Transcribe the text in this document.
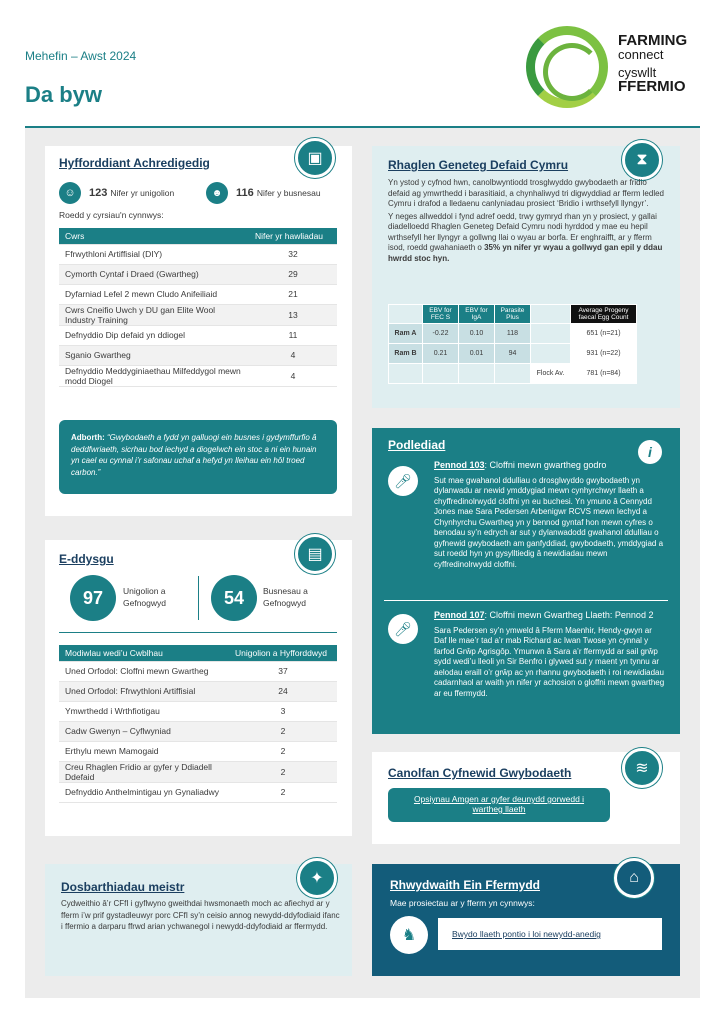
Mehefin – Awst 2024
Da byw
FARMING
connect
cyswllt
FFERMIO
Hyfforddiant Achredigedig	▣
☺	123 Nifer yr unigolion	☻	116 Nifer y busnesau
Roedd y cyrsiau'n cynnwys:
Cwrs	Nifer yr hawliadau
Ffrwythloni Artiffisial (DIY)	32
Cymorth Cyntaf i Draed (Gwartheg)	29
Dyfarniad Lefel 2 mewn Cludo Anifeiliaid	21
Cwrs Cneifio Uwch y DU gan Elite Wool Industry Training	13
Defnyddio Dip defaid yn ddiogel	11
Sganio Gwartheg	4
Defnyddio Meddyginiaethau Milfeddygol mewn modd Diogel	4
Adborth: “Gwybodaeth a fydd yn galluogi ein busnes i gydymffurfio â deddfwriaeth, sicrhau bod iechyd a diogelwch ein stoc a ni ein hunain yn cael eu cynnal i’r safonau uchaf a hefyd yn lleihau ein hôl troed carbon.”
E-ddysgu	▤
97	Unigolion a Gefnogwyd	54	Busnesau a Gefnogwyd
Modiwlau wedi’u Cwblhau	Unigolion a Hyfforddwyd
Uned Orfodol: Cloffni mewn Gwartheg	37
Uned Orfodol: Ffrwythloni Artiffisial	24
Ymwrthedd i Wrthfiotigau	3
Cadw Gwenyn – Cyflwyniad	2
Erthylu mewn Mamogaid	2
Creu Rhaglen Fridio ar gyfer y Ddiadell Ddefaid	2
Defnyddio Anthelmintigau yn Gynaliadwy	2
Dosbarthiadau meistr	✦
Cydweithio â’r CFfI i gyflwyno gweithdai hwsmonaeth moch ac afiechyd ar y fferm i’w prif gystadleuwyr porc CFfI sy’n ceisio annog newydd-ddyfodiaid ifanc i ffermio a darparu ffrwd arian ychwanegol i newydd-ddyfodiaid ar ffermydd.
Rhaglen Geneteg Defaid Cymru	⧗

Yn ystod y cyfnod hwn, canolbwyntiodd trosglwyddo gwybodaeth ar fridio defaid ag ymwrthedd i barasitiaid, a chynhaliwyd tri digwyddiad ar fferm ledled Cymru i drafod a lledaenu canlyniadau prosiect ‘Bridio i wrthsefyll llyngyr’.

Y neges allweddol i fynd adref oedd, trwy gymryd rhan yn y prosiect, y gallai diadelloedd Rhaglen Geneteg Defaid Cymru nodi hyrddod y mae eu hepil wrthsefyll her llyngyr a gollwng llai o wyau ar borfa. Er enghraifft, ar y fferm isod, roedd gwahaniaeth o 35% yn nifer yr wyau a gollwyd gan epil y ddau hwrdd stoc hyn.

	EBV for FEC S	EBV for IgA	Parasite Plus		Average Progeny faecal Egg Count
Ram A	-0.22	0.10	118		651 (n=21)
Ram B	0.21	0.01	94		931 (n=22)
				Flock Av.	781 (n=84)
Podlediad	i
🎤︎

Pennod 103: Cloffni mewn gwartheg godro

Sut mae gwahanol ddulliau o drosglwyddo gwybodaeth yn dylanwadu ar newid ymddygiad mewn cynhyrchwyr llaeth a chyffredinolrwydd cloffni yn eu buchesi. Yn ymuno â Cennydd Jones mae Sara Pedersen Arbenigwr RCVS mewn Iechyd a Chynhyrchu Gwartheg yn y bennod gyntaf hon mewn cyfres o benodau sy’n edrych ar sut y dylanwadodd gwahanol ddulliau o gyfnewid gwybodaeth am ganfyddiad, gwybodaeth, ymddygiad a sut roedd hyn yn gysylltiedig â newidiadau mewn cyffredinolrwydd cloffni.

🎤︎

Pennod 107: Cloffni mewn Gwartheg Llaeth: Pennod 2

Sara Pedersen sy’n ymweld â Fferm Maenhir, Hendy-gwyn ar Daf lle mae’r tad a’r mab Richard ac Iwan Twose yn cynnal y farfod Grŵp Agrisgôp. Ymunwn â Sara a’r ffermydd ar sail grŵp sydd wedi’u lleoli yn Sir Benfro i glywed sut y maent yn tynnu ar aelodau eraill o’r grŵp ac yn rhannu gwybodaeth i roi newidiadau cadarnhaol ar waith yn nifer yr achosion o gloffni mewn gwartheg ar eu ffermydd.

Canolfan Cyfnewid Gwybodaeth	≋
Opsiynau Amgen ar gyfer deunydd gorwedd i wartheg llaeth
Rhwydwaith Ein Ffermydd	⌂
Mae prosiectau ar y fferm yn cynnwys:
♞	Bwydo llaeth pontio i loi newydd-anedig
